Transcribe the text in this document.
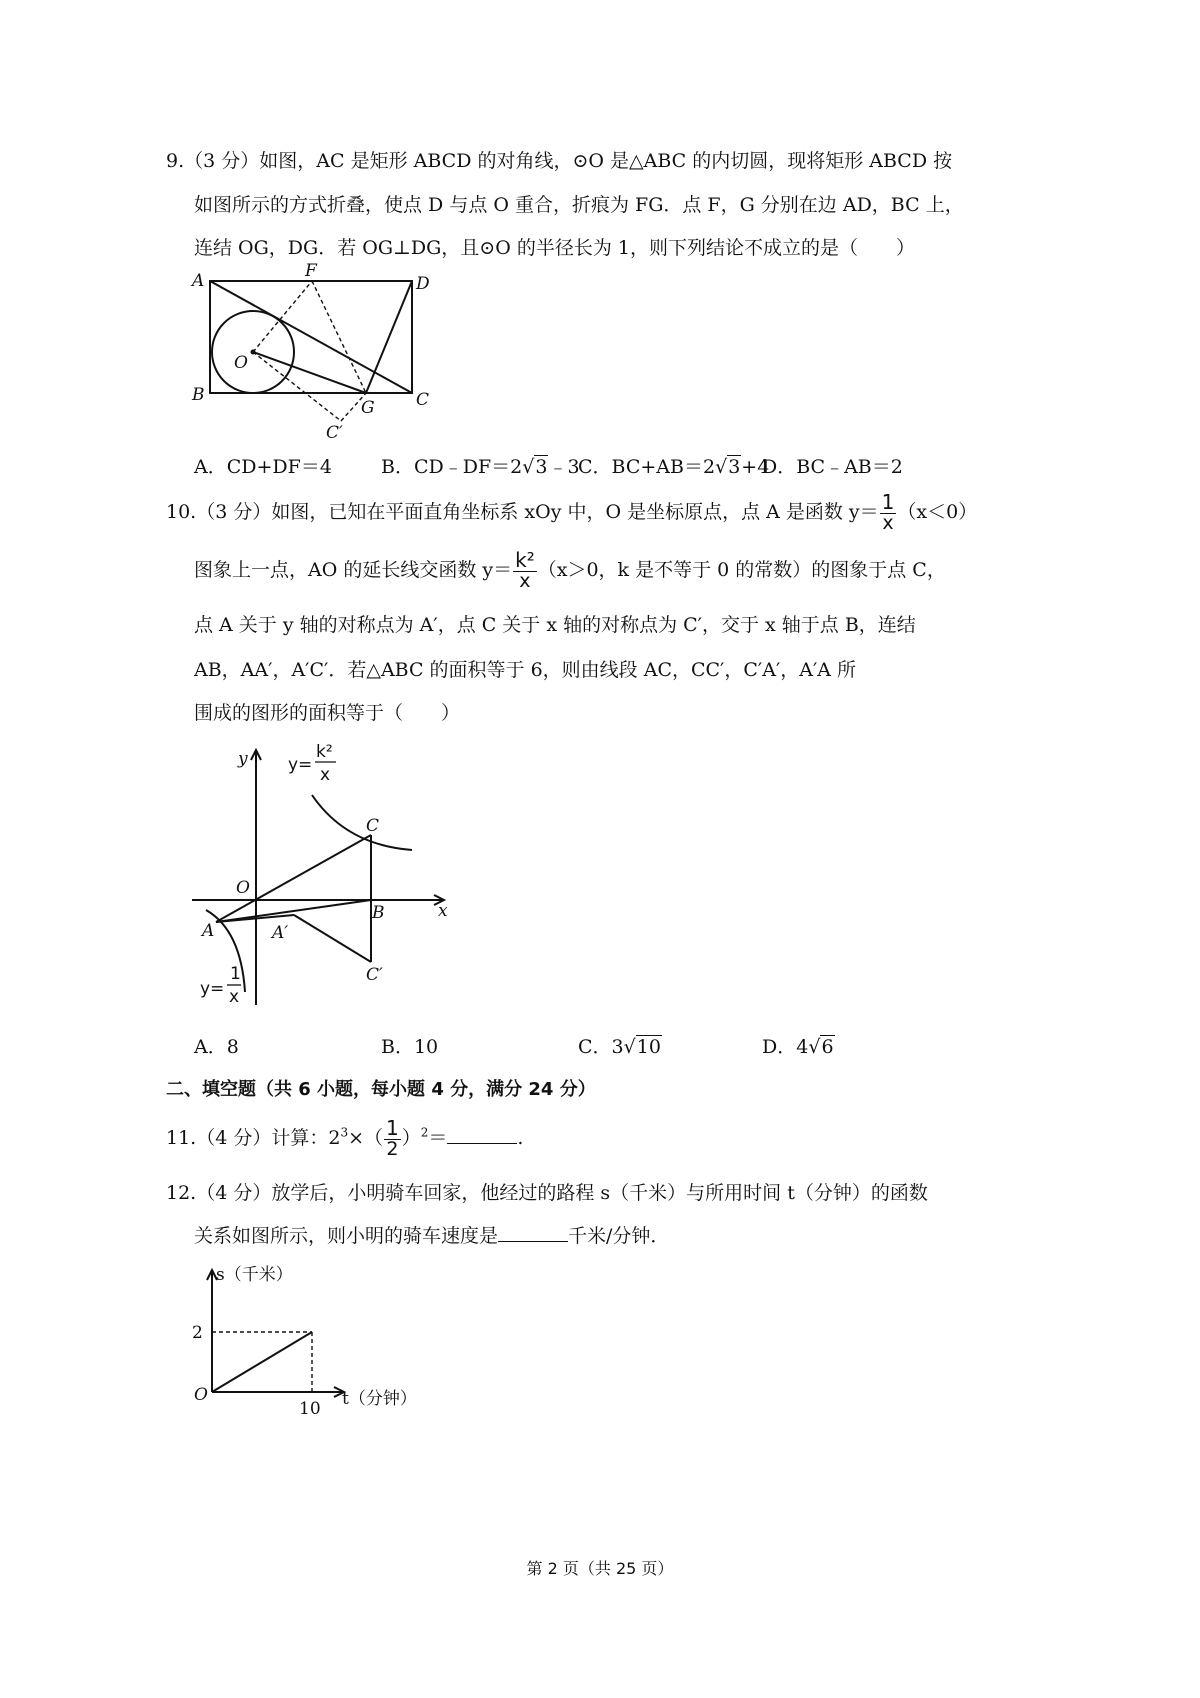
9.（3 分）如图，AC 是矩形 ABCD 的对角线，⊙O 是△ABC 的内切圆，现将矩形 ABCD 按
如图所示的方式折叠，使点 D 与点 O 重合，折痕为 FG．点 F，G 分别在边 AD，BC 上，
连结 OG，DG．若 OG⊥DG，且⊙O 的半径长为 1，则下列结论不成立的是（　　）
A
B	C
D
F
G
O
C′
A．CD+DF＝4	B．CD﹣DF＝2√3﹣3
C．BC+AB＝2√3+4
D．BC﹣AB＝2
10.（3 分）如图，已知在平面直角坐标系 xOy 中，O 是坐标原点，点 A 是函数 $y= \frac{1}{x} (x<0)$
图象上一点，AO 的延长线交函数 $y= \frac{\text{k²}}{x} (x>0$，k 是不等于 0 的常数）的图象于点 C，
点 A 关于 y 轴的对称点为 A′，点 C 关于 x 轴的对称点为 C′，交于 x 轴于点 B，连结
AB，AA′，A′C′．若△ABC 的面积等于 6，则由线段 AC，CC′，C′A′，A′A 所
围成的图形的面积等于（　　）
y
x
O
A
B
C
A′
C′
y=
k²
x
y=
1
x
A．8	B．10	C．3√10	D．4√6
二、填空题（共 6 小题，每小题 4 分，满分 24 分）
11.（4 分）计算：$2^3\times( \frac{1}{2} )^2=$	.
12.（4 分）放学后，小明骑车回家，他经过的路程 s（千米）与所用时间 t（分钟）的函数
关系如图所示，则小明的骑车速度是	千米/分钟．
s（千米）
t（分钟）
2
10
O
第 2 页（共 25 页）
